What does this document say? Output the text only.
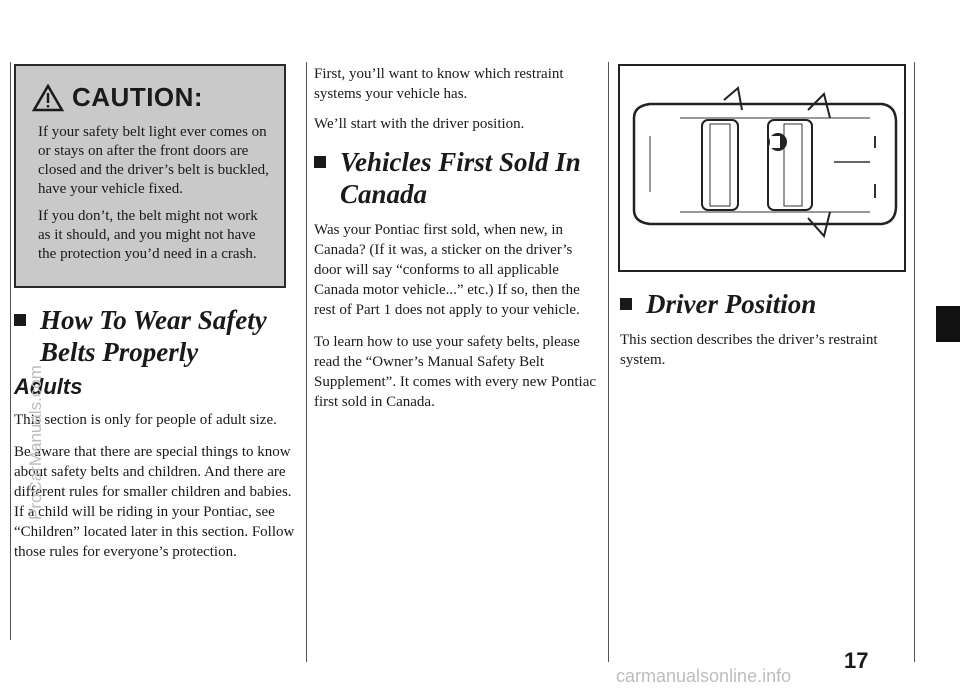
CAUTION:

If your safety belt light ever comes on or stays on after the front doors are closed and the driver’s belt is buckled, have your vehicle fixed.

If you don’t, the belt might not work as it should, and you might not have the protection you’d need in a crash.

How To Wear Safety
Belts Properly
Adults

This section is only for people of adult size.

Be aware that there are special things to know about safety belts and children. And there are different rules for smaller children and babies. If a child will be riding in your Pontiac, see “Children” located later in this section. Follow those rules for everyone’s protection.

First, you’ll want to know which restraint systems your vehicle has.

We’ll start with the driver position.

Vehicles First Sold In
Canada

Was your Pontiac first sold, when new, in Canada? (If it was, a sticker on the driver’s door will say “conforms to all applicable Canada motor vehicle...” etc.) If so, then the rest of Part 1 does not apply to your vehicle.

To learn how to use your safety belts, please read the “Owner’s Manual Safety Belt Supplement”. It comes with every new Pontiac first sold in Canada.

Driver Position

This section describes the driver’s restraint system.

17
ProCarManuals.com
carmanualsonline.info
